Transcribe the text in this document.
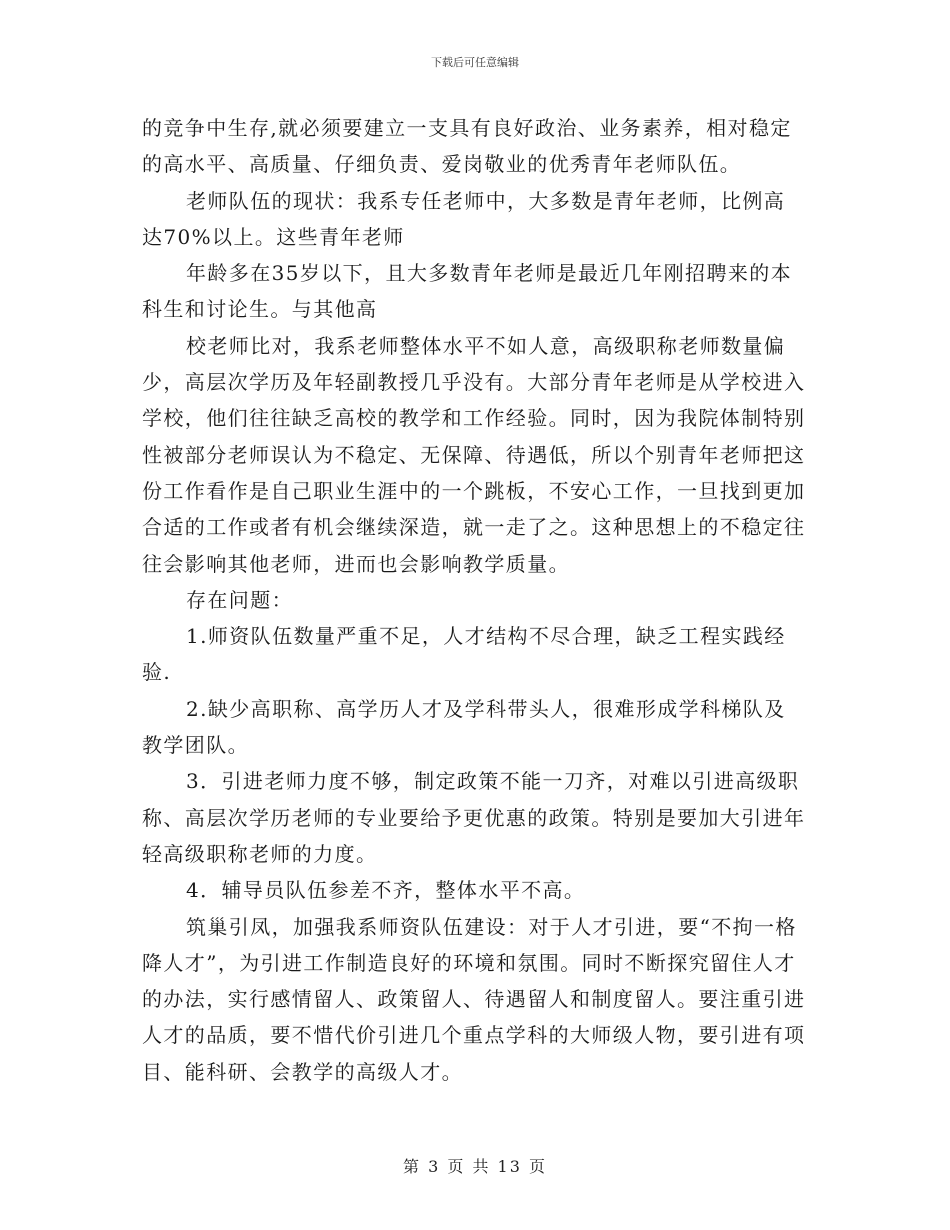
下载后可任意编辑

的竞争中生存,就必须要建立一支具有良好政治、业务素养，相对稳定的高水平、高质量、仔细负责、爱岗敬业的优秀青年老师队伍。

老师队伍的现状：我系专任老师中，大多数是青年老师，比例高达70%以上。这些青年老师

年龄多在35岁以下，且大多数青年老师是最近几年刚招聘来的本科生和讨论生。与其他高

校老师比对，我系老师整体水平不如人意，高级职称老师数量偏少，高层次学历及年轻副教授几乎没有。大部分青年老师是从学校进入学校，他们往往缺乏高校的教学和工作经验。同时，因为我院体制特别性被部分老师误认为不稳定、无保障、待遇低，所以个别青年老师把这份工作看作是自己职业生涯中的一个跳板，不安心工作，一旦找到更加合适的工作或者有机会继续深造，就一走了之。这种思想上的不稳定往往会影响其他老师，进而也会影响教学质量。

存在问题：

1.师资队伍数量严重不足，人才结构不尽合理，缺乏工程实践经验.

2.缺少高职称、高学历人才及学科带头人，很难形成学科梯队及教学团队。

3．引进老师力度不够，制定政策不能一刀齐，对难以引进高级职称、高层次学历老师的专业要给予更优惠的政策。特别是要加大引进年轻高级职称老师的力度。

4．辅导员队伍参差不齐，整体水平不高。

筑巢引凤，加强我系师资队伍建设：对于人才引进，要“不拘一格降人才”，为引进工作制造良好的环境和氛围。同时不断探究留住人才的办法，实行感情留人、政策留人、待遇留人和制度留人。要注重引进人才的品质，要不惜代价引进几个重点学科的大师级人物，要引进有项目、能科研、会教学的高级人才。

第 3 页 共 13 页
